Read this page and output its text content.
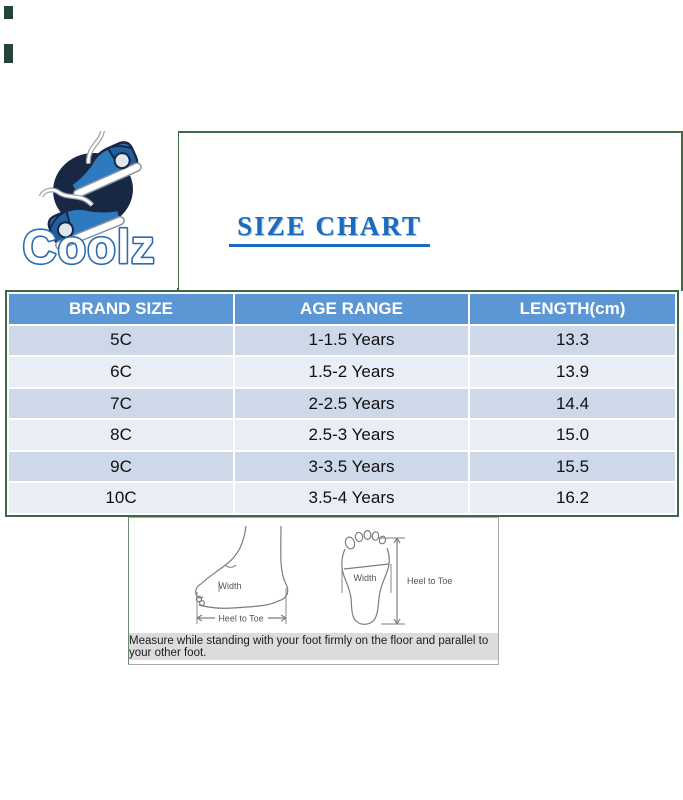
Coolz	SIZE CHART
BRAND SIZE	AGE RANGE	LENGTH(cm)
5C	1-1.5 Years	13.3
6C	1.5-2 Years	13.9
7C	2-2.5 Years	14.4
8C	2.5-3 Years	15.0
9C	3-3.5 Years	15.5
10C	3.5-4 Years	16.2
Width
Heel to Toe
Width	Heel to Toe
Measure while standing with your foot firmly on the floor and parallel to your other foot.
